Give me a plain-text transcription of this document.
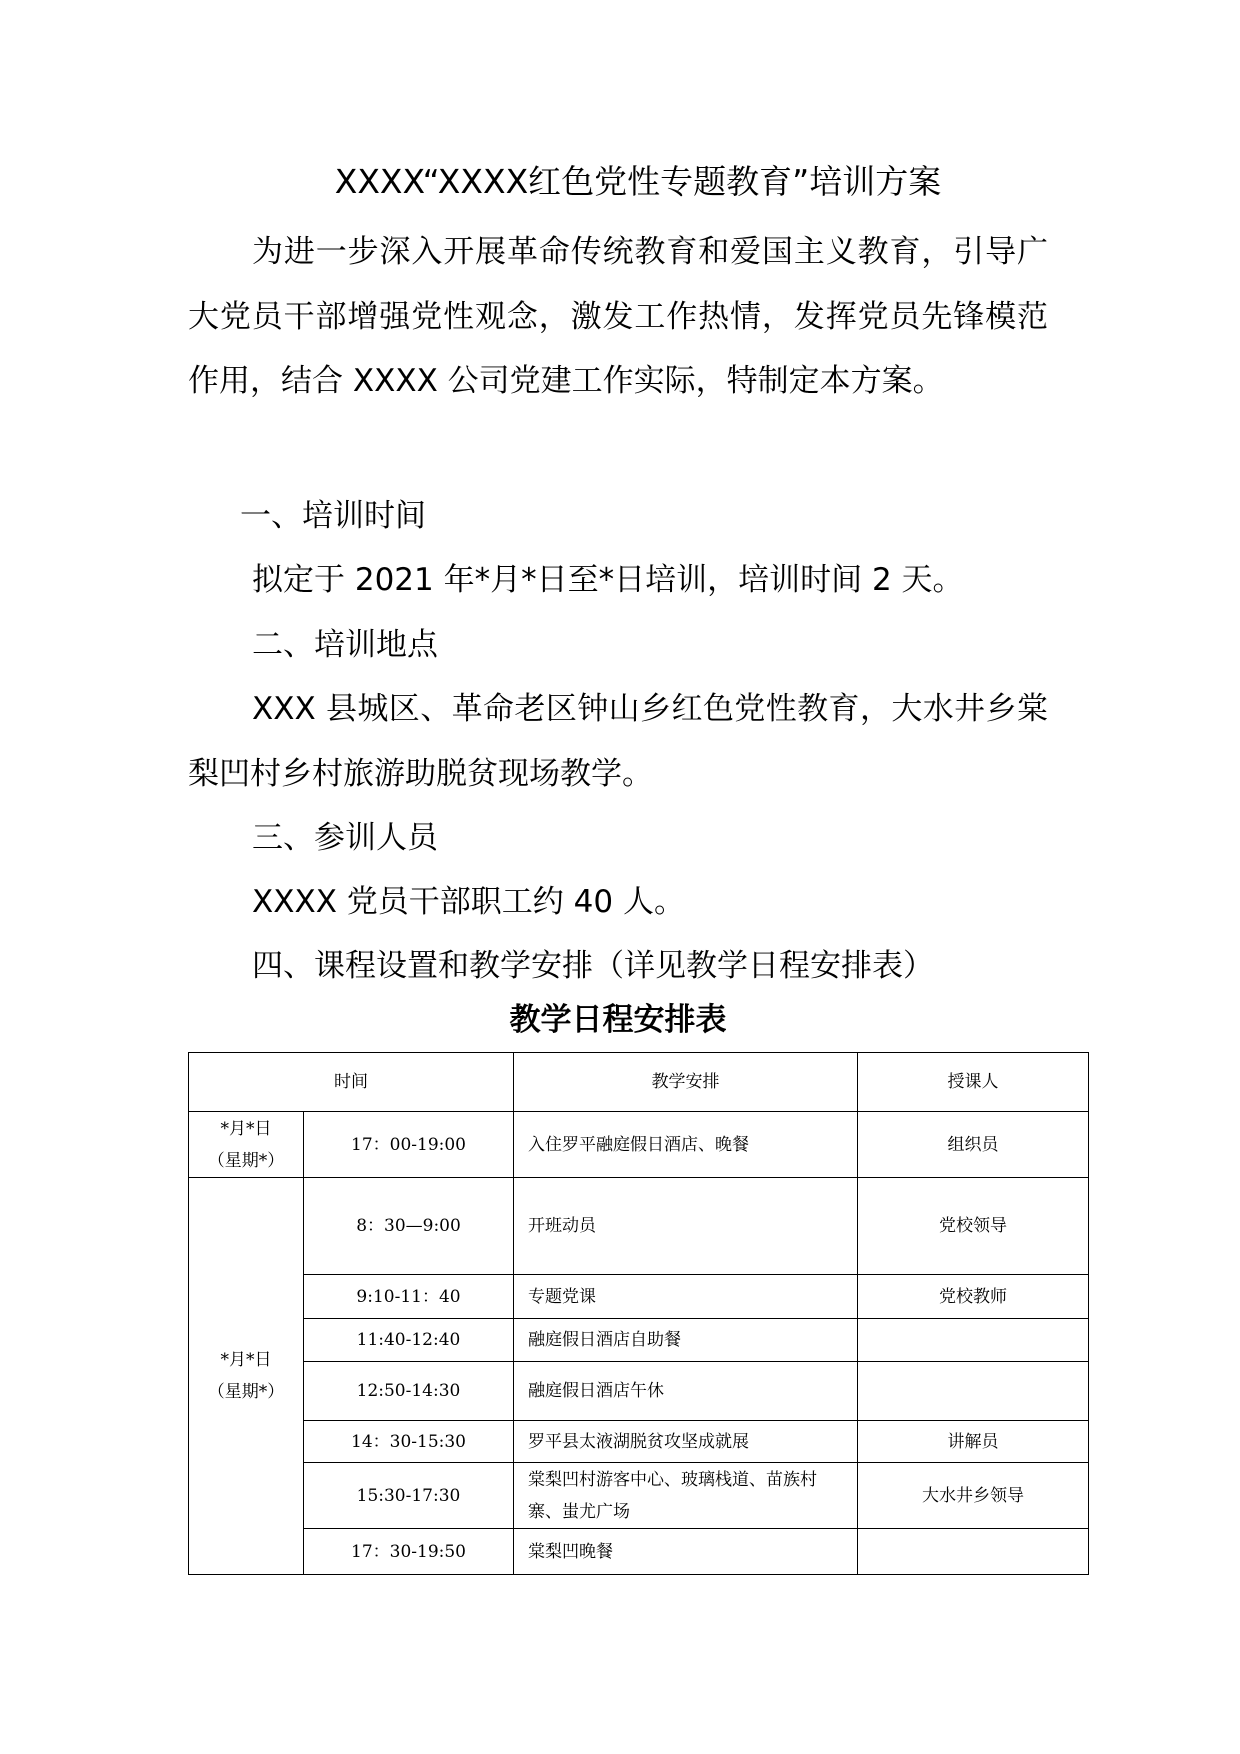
XXXX“XXXX红色党性专题教育”培训方案

为进一步深入开展革命传统教育和爱国主义教育，引导广大党员干部增强党性观念，激发工作热情，发挥党员先锋模范作用，结合 XXXX 公司党建工作实际，特制定本方案。

一、培训时间

拟定于 2021 年*月*日至*日培训，培训时间 2 天。

二、培训地点

XXX 县城区、革命老区钟山乡红色党性教育，大水井乡棠梨凹村乡村旅游助脱贫现场教学。

三、参训人员

XXXX 党员干部职工约 40 人。

四、课程设置和教学安排（详见教学日程安排表）

教学日程安排表

时间		教学安排	授课人
*月*日
（星期*）	17：00-19:00	入住罗平融庭假日酒店、晚餐	组织员
*月*日
（星期*）	8：30—9:00	开班动员	党校领导
	9:10-11：40	专题党课	党校教师
	11:40-12:40	融庭假日酒店自助餐	
	12:50-14:30	融庭假日酒店午休	
	14：30-15:30	罗平县太液湖脱贫攻坚成就展	讲解员
	15:30-17:30	棠梨凹村游客中心、玻璃栈道、苗族村寨、蚩尤广场	大水井乡领导
	17：30-19:50	棠梨凹晚餐	
